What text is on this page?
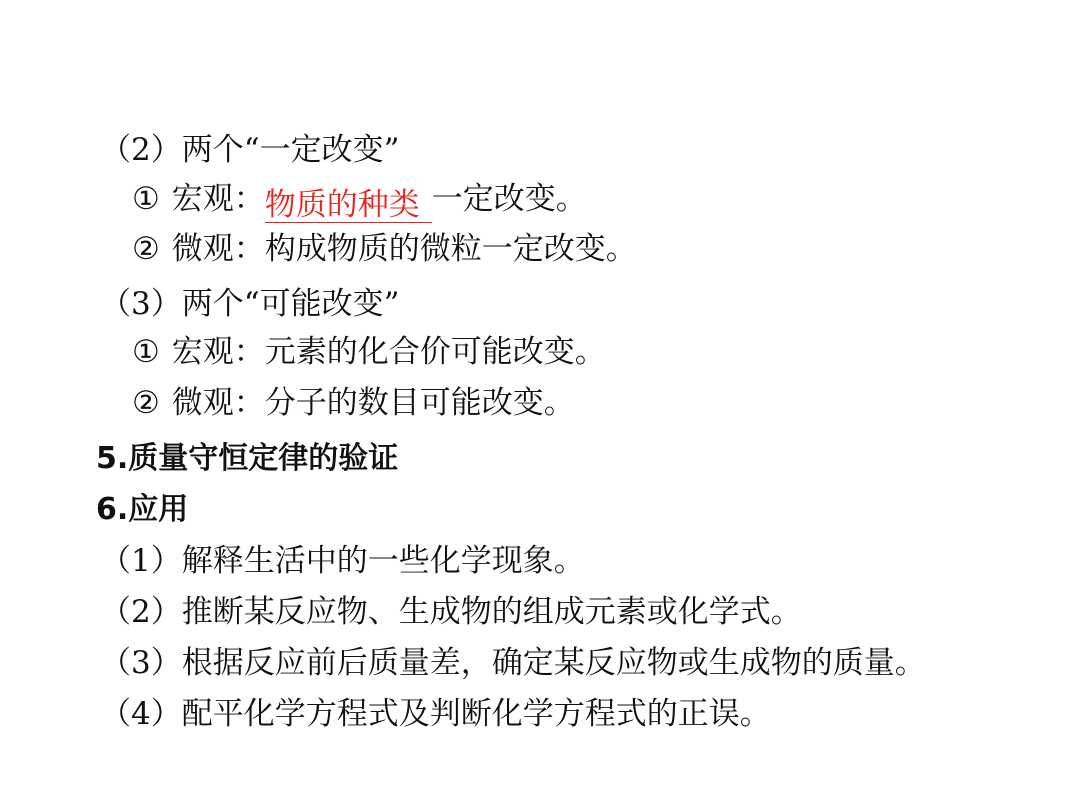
（2）两个“一定改变”
① 宏观：物质的种类 一定改变。
② 微观：构成物质的微粒一定改变。
（3）两个“可能改变”
① 宏观：元素的化合价可能改变。
② 微观：分子的数目可能改变。
5.质量守恒定律的验证
6.应用
（1）解释生活中的一些化学现象。
（2）推断某反应物、生成物的组成元素或化学式。
（3）根据反应前后质量差，确定某反应物或生成物的质量。
（4）配平化学方程式及判断化学方程式的正误。
